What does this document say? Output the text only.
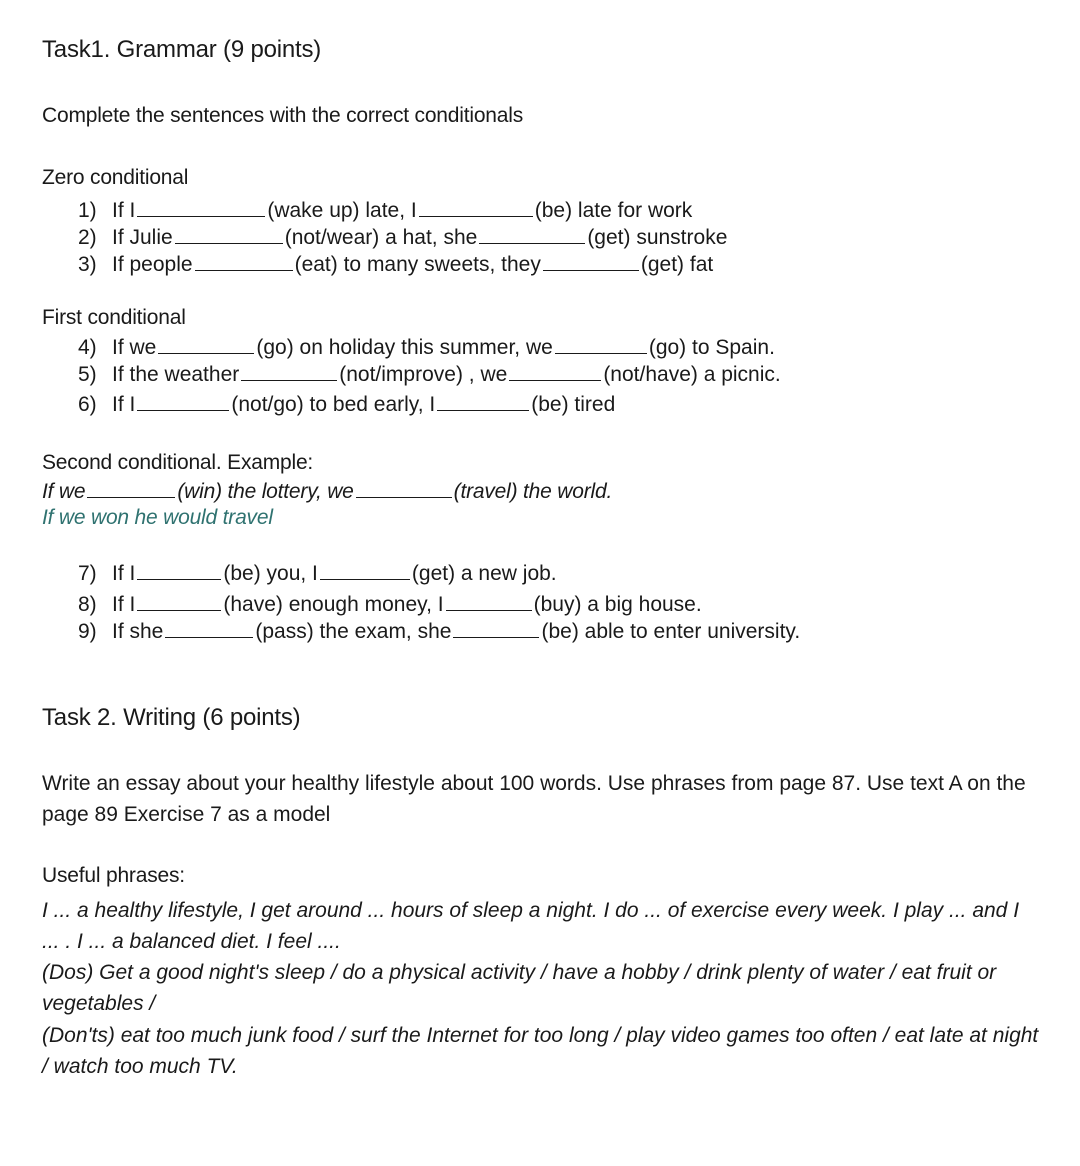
Task1. Grammar (9 points)
Complete the sentences with the correct conditionals
Zero conditional
1) If I	(wake up) late, I	(be) late for work
2) If Julie	(not/wear) a hat, she	(get) sunstroke
3) If people	(eat) to many sweets, they	(get) fat
First conditional
4) If we	(go) on holiday this summer, we	(go) to Spain.
5) If the weather	(not/improve) , we	(not/have) a picnic.
6) If I	(not/go) to bed early, I	(be) tired
Second conditional. Example:
If we	(win) the lottery, we	(travel) the world.
If we won he would travel
7) If I	(be) you, I	(get) a new job.
8) If I	(have) enough money, I	(buy) a big house.
9) If she	(pass) the exam, she	(be) able to enter university.
Task 2. Writing (6 points)
Write an essay about your healthy lifestyle about 100 words. Use phrases from page 87. Use text A on the page 89 Exercise 7 as a model
Useful phrases:
I ... a healthy lifestyle, I get around ... hours of sleep a night. I do ... of exercise every week. I play ... and I ... . I ... a balanced diet. I feel ....
(Dos) Get a good night's sleep / do a physical activity / have a hobby / drink plenty of water / eat fruit or vegetables /
(Don'ts) eat too much junk food / surf the Internet for too long / play video games too often / eat late at night / watch too much TV.
